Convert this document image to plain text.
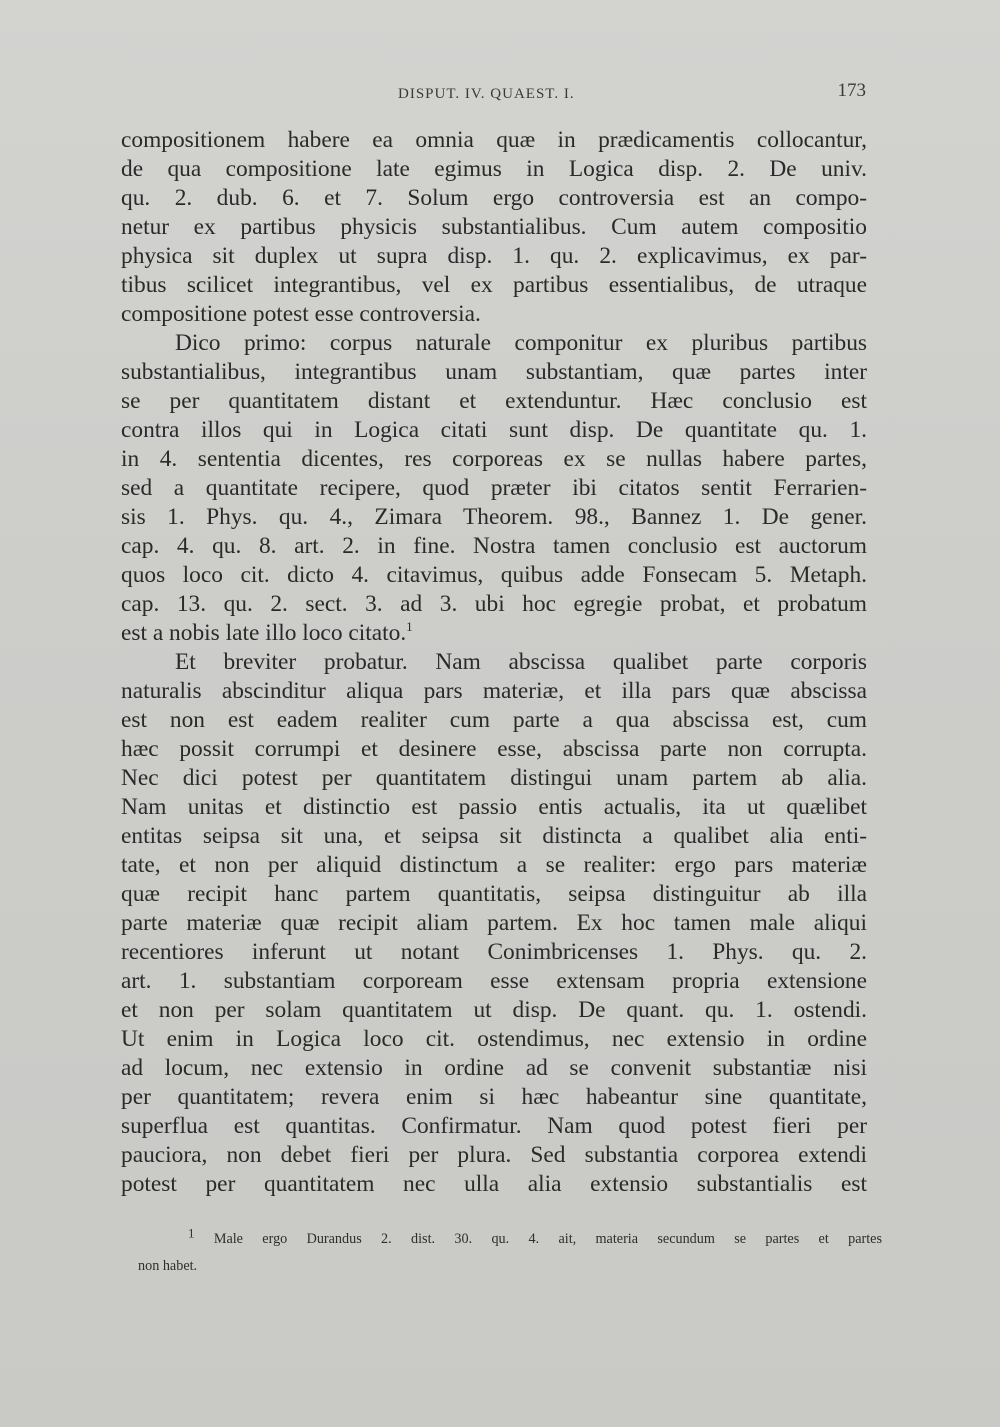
DISPUT. IV. QUAEST. I.	173
compositionem habere ea omnia quæ in prædicamentis collocantur,
de qua compositione late egimus in Logica disp. 2. De univ.
qu. 2. dub. 6. et 7. Solum ergo controversia est an compo-
netur ex partibus physicis substantialibus. Cum autem compositio
physica sit duplex ut supra disp. 1. qu. 2. explicavimus, ex par-
tibus scilicet integrantibus, vel ex partibus essentialibus, de utraque
compositione potest esse controversia.
Dico primo: corpus naturale componitur ex pluribus partibus
substantialibus, integrantibus unam substantiam, quæ partes inter
se per quantitatem distant et extenduntur. Hæc conclusio est
contra illos qui in Logica citati sunt disp. De quantitate qu. 1.
in 4. sententia dicentes, res corporeas ex se nullas habere partes,
sed a quantitate recipere, quod præter ibi citatos sentit Ferrarien-
sis 1. Phys. qu. 4., Zimara Theorem. 98., Bannez 1. De gener.
cap. 4. qu. 8. art. 2. in fine. Nostra tamen conclusio est auctorum
quos loco cit. dicto 4. citavimus, quibus adde Fonsecam 5. Metaph.
cap. 13. qu. 2. sect. 3. ad 3. ubi hoc egregie probat, et probatum
est a nobis late illo loco citato.$^1$
Et breviter probatur. Nam abscissa qualibet parte corporis
naturalis abscinditur aliqua pars materiæ, et illa pars quæ abscissa
est non est eadem realiter cum parte a qua abscissa est, cum
hæc possit corrumpi et desinere esse, abscissa parte non corrupta.
Nec dici potest per quantitatem distingui unam partem ab alia.
Nam unitas et distinctio est passio entis actualis, ita ut quælibet
entitas seipsa sit una, et seipsa sit distincta a qualibet alia enti-
tate, et non per aliquid distinctum a se realiter: ergo pars materiæ
quæ recipit hanc partem quantitatis, seipsa distinguitur ab illa
parte materiæ quæ recipit aliam partem. Ex hoc tamen male aliqui
recentiores inferunt ut notant Conimbricenses 1. Phys. qu. 2.
art. 1. substantiam corpoream esse extensam propria extensione
et non per solam quantitatem ut disp. De quant. qu. 1. ostendi.
Ut enim in Logica loco cit. ostendimus, nec extensio in ordine
ad locum, nec extensio in ordine ad se convenit substantiæ nisi
per quantitatem; revera enim si hæc habeantur sine quantitate,
superflua est quantitas. Confirmatur. Nam quod potest fieri per
pauciora, non debet fieri per plura. Sed substantia corporea extendi
potest per quantitatem nec ulla alia extensio substantialis est
$^1$ Male ergo Durandus 2. dist. 30. qu. 4. ait, materia secundum se partes et partes
non habet.
